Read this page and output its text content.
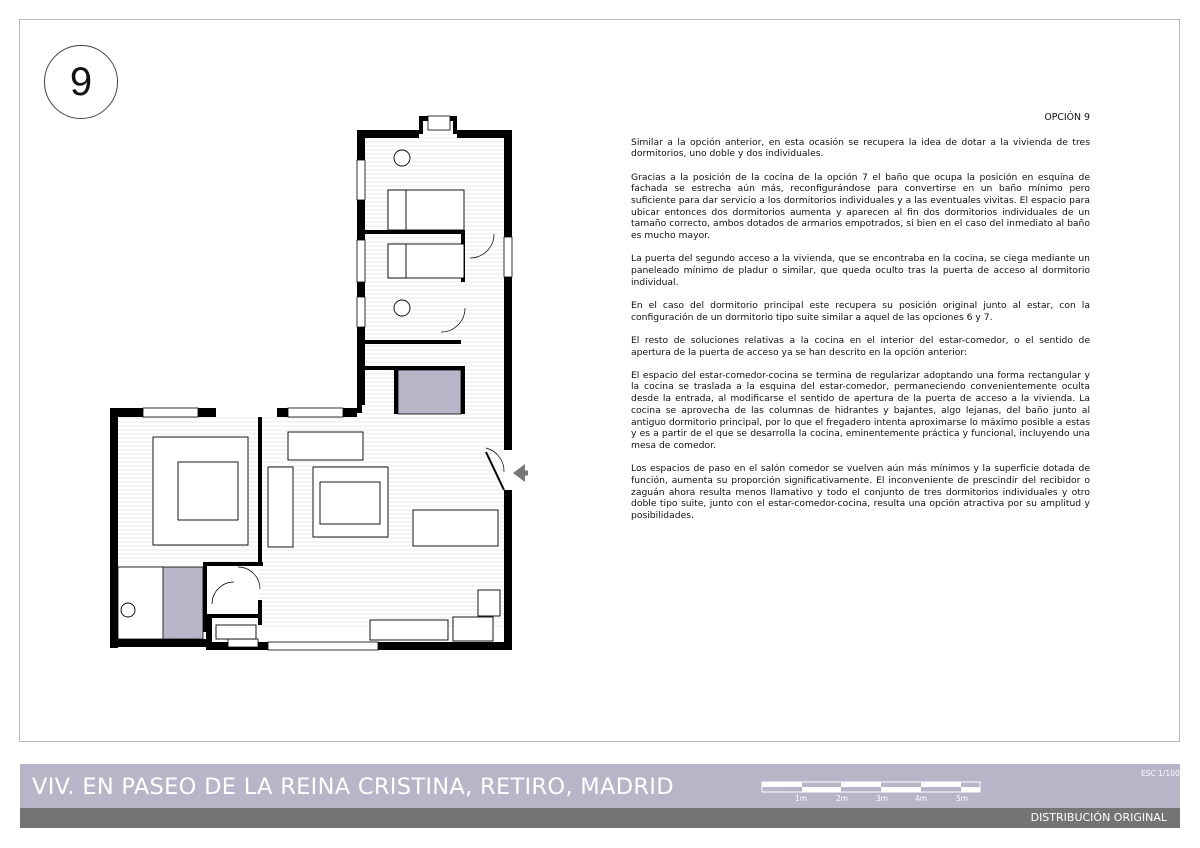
9
OPCIÓN 9

Similar a la opción anterior, en esta ocasión se recupera la idea de dotar a la vivienda de tres dormitorios, uno doble y dos individuales.

Gracias a la posición de la cocina de la opción 7 el baño que ocupa la posición en esquina de fachada se estrecha aún más, reconfigurándose para convertirse en un baño mínimo pero suficiente para dar servicio a los dormitorios individuales y a las eventuales vivitas. El espacio para ubicar entonces dos dormitorios aumenta y aparecen al fin dos dormitorios individuales de un tamaño correcto, ambos dotados de armarios empotrados, si bien en el caso del inmediato al baño es mucho mayor.

La puerta del segundo acceso a la vivienda, que se encontraba en la cocina, se ciega mediante un paneleado mínimo de pladur o similar, que queda oculto tras la puerta de acceso al dormitorio individual.

En el caso del dormitorio principal este recupera su posición original junto al estar, con la configuración de un dormitorio tipo suite similar a aquel de las opciones 6 y 7.

El resto de soluciones relativas a la cocina en el interior del estar-comedor, o el sentido de apertura de la puerta de acceso ya se han descrito en la opción anterior:

El espacio del estar-comedor-cocina se termina de regularizar adoptando una forma rectangular y la cocina se traslada a la esquina del estar-comedor, permaneciendo convenientemente oculta desde la entrada, al modificarse el sentido de apertura de la puerta de acceso a la vivienda. La cocina se aprovecha de las columnas de hidrantes y bajantes, algo lejanas, del baño junto al antiguo dormitorio principal, por lo que el fregadero intenta aproximarse lo máximo posible a estas y es a partir de el que se desarrolla la cocina, eminentemente práctica y funcional, incluyendo una mesa de comedor.

Los espacios de paso en el salón comedor se vuelven aún más mínimos y la superficie dotada de función, aumenta su proporción significativamente. El inconveniente de prescindir del recibidor o zaguán ahora resulta menos llamativo y todo el conjunto de tres dormitorios individuales y otro doble tipo suite, junto con el estar-comedor-cocina, resulta una opción atractiva por su amplitud y posibilidades.

VIV. EN PASEO DE LA REINA CRISTINA, RETIRO, MADRID
DISTRIBUCIÓN ORIGINAL
ESC 1/100
1m	2m	3m	4m	5m
